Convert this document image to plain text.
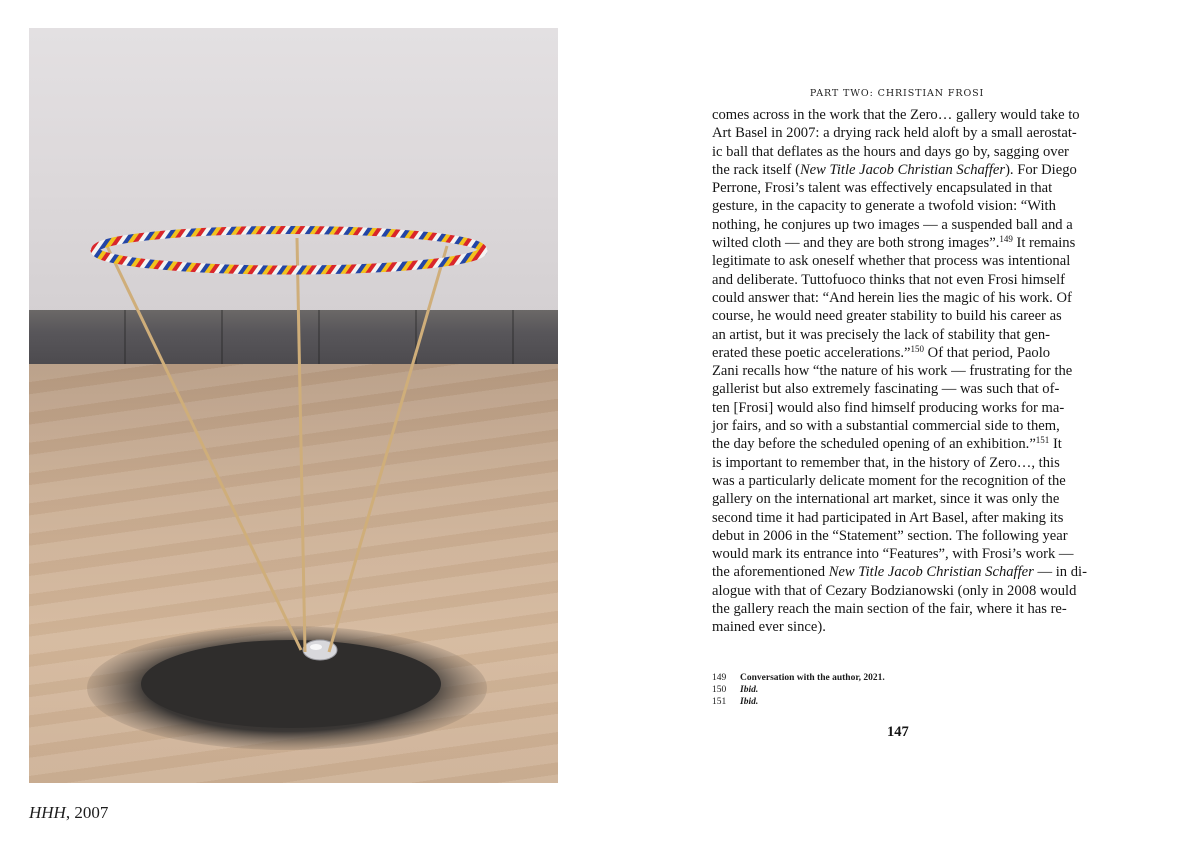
HHH, 2007
PART TWO: CHRISTIAN FROSI
comes across in the work that the Zero… gallery would take to
Art Basel in 2007: a drying rack held aloft by a small aerostat-
ic ball that deflates as the hours and days go by, sagging over
the rack itself (New Title Jacob Christian Schaffer). For Diego
Perrone, Frosi’s talent was effectively encapsulated in that
gesture, in the capacity to generate a twofold vision: “With
nothing, he conjures up two images — a suspended ball and a
wilted cloth — and they are both strong images”.$^{149}$ It remains
legitimate to ask oneself whether that process was intentional
and deliberate. Tuttofuoco thinks that not even Frosi himself
could answer that: “And herein lies the magic of his work. Of
course, he would need greater stability to build his career as
an artist, but it was precisely the lack of stability that gen-
erated these poetic accelerations.”$^{150}$ Of that period, Paolo
Zani recalls how “the nature of his work — frustrating for the
gallerist but also extremely fascinating — was such that of-
ten [Frosi] would also find himself producing works for ma-
jor fairs, and so with a substantial commercial side to them,
the day before the scheduled opening of an exhibition.”$^{151}$ It
is important to remember that, in the history of Zero…, this
was a particularly delicate moment for the recognition of the
gallery on the international art market, since it was only the
second time it had participated in Art Basel, after making its
debut in 2006 in the “Statement” section. The following year
would mark its entrance into “Features”, with Frosi’s work —
the aforementioned New Title Jacob Christian Schaffer — in di-
alogue with that of Cezary Bodzianowski (only in 2008 would
the gallery reach the main section of the fair, where it has re-
mained ever since).
149	Conversation with the author, 2021.
150	Ibid.
151	Ibid.
147
